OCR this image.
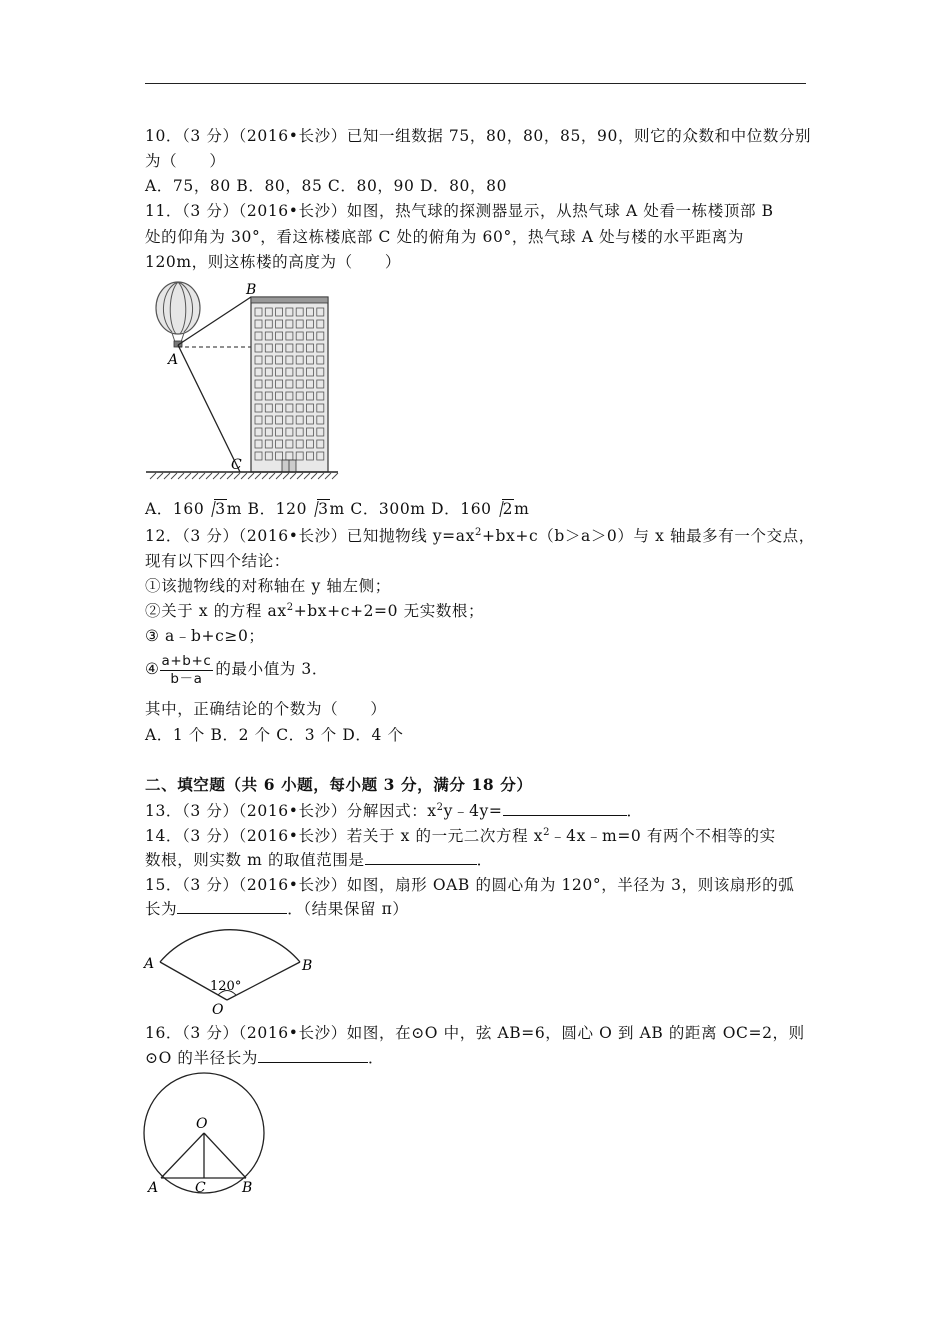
10．（3 分）（2016•长沙）已知一组数据 75，80，80，85，90，则它的众数和中位数分别
为（　　）
A．75，80 B．80，85 C．80，90 D．80，80
11．（3 分）（2016•长沙）如图，热气球的探测器显示，从热气球 A 处看一栋楼顶部 B
处的仰角为 30°，看这栋楼底部 C 处的俯角为 60°，热气球 A 处与楼的水平距离为
120m，则这栋楼的高度为（　　）
B
A
C
A．160 3m B．120 3m C．300m D．160 2m
12．（3 分）（2016•长沙）已知抛物线 $y=ax^2+bx+c(b>a>0)$与 x 轴最多有一个交点，
现有以下四个结论：
①该抛物线的对称轴在 y 轴左侧；
②关于 x 的方程 $ax^2+bx+c+2=0$ 无实数根；
③ a﹣b+c≥0；
④ $\frac{a+b+c}{b-a}$ 的最小值为 3．
其中，正确结论的个数为（　　）
A．1 个 B．2 个 C．3 个 D．4 个
二、填空题（共 6 小题，每小题 3 分，满分 18 分）
13．（3 分）（2016•长沙）分解因式：$x^2y﹣4y=$	．
14．（3 分）（2016•长沙）若关于 x 的一元二次方程 $x^2﹣4x﹣m=0$ 有两个不相等的实
数根，则实数 m 的取值范围是	．
15．（3 分）（2016•长沙）如图，扇形 OAB 的圆心角为 120°，半径为 3，则该扇形的弧
长为	．（结果保留 π）
A	B
120°
O
16．（3 分）（2016•长沙）如图，在⊙O 中，弦 AB=6，圆心 O 到 AB 的距离 OC=2，则
⊙O 的半径长为	．
O
A	C	B
